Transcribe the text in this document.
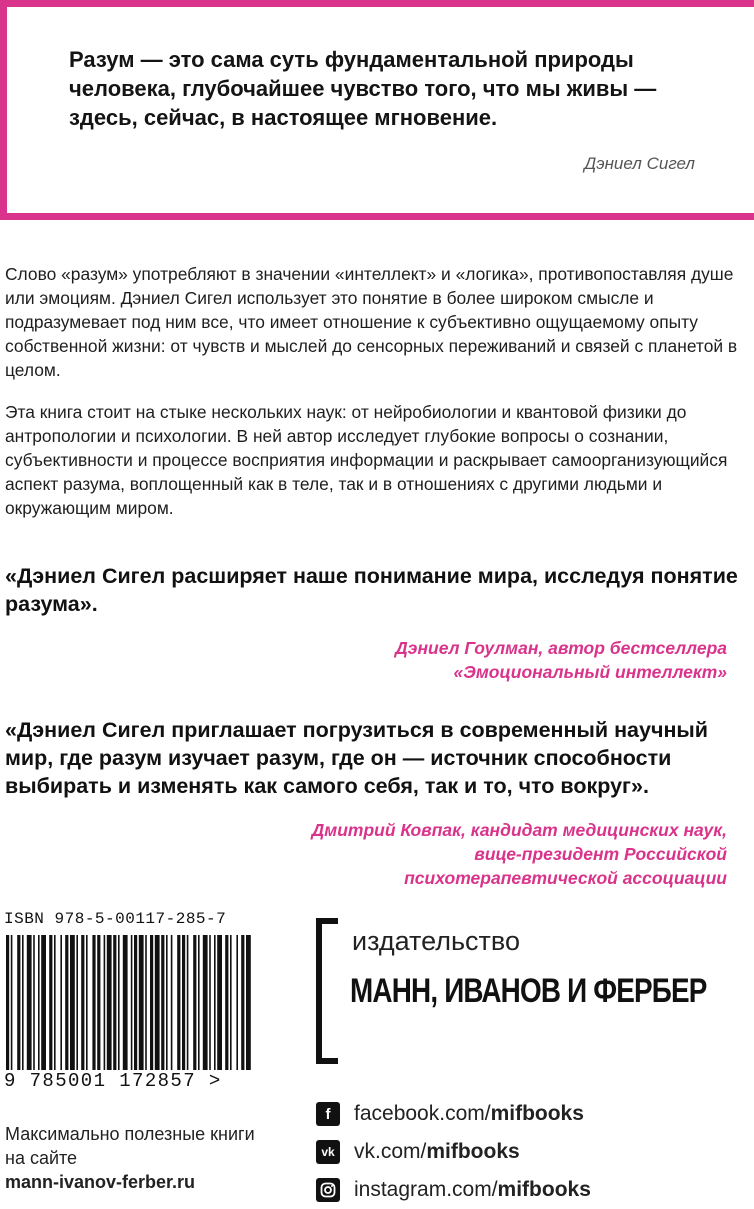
Разум — это сама суть фундаментальной природы человека, глубочайшее чувство того, что мы живы — здесь, сейчас, в настоящее мгновение.
Дэниел Сигел

Слово «разум» употребляют в значении «интеллект» и «логика», противопоставляя душе или эмоциям. Дэниел Сигел использует это понятие в более широком смысле и подразумевает под ним все, что имеет отношение к субъективно ощущаемому опыту собственной жизни: от чувств и мыслей до сенсорных переживаний и связей с планетой в целом.

Эта книга стоит на стыке нескольких наук: от нейробиологии и квантовой физики до антропологии и психологии. В ней автор исследует глубокие вопросы о сознании, субъективности и процессе восприятия информации и раскрывает самоорганизующийся аспект разума, воплощенный как в теле, так и в отношениях с другими людьми и окружающим миром.

«Дэниел Сигел расширяет наше понимание мира, исследуя понятие разума».
Дэниел Гоулман, автор бестселлера
«Эмоциональный интеллект»
«Дэниел Сигел приглашает погрузиться в современный научный мир, где разум изучает разум, где он — источник способности выбирать и изменять как самого себя, так и то, что вокруг».
Дмитрий Ковпак, кандидат медицинских наук,
вице-президент Российской
психотерапевтической ассоциации
ISBN 978-5-00117-285-7
9 785001 172857 >
Максимально полезные книги на сайте
mann-ivanov-ferber.ru
издательство
МАНН, ИВАНОВ И ФЕРБЕР
f	facebook.com/ mifbooks
vk vk.com/ mifbooks
instagram.com/ mifbooks
